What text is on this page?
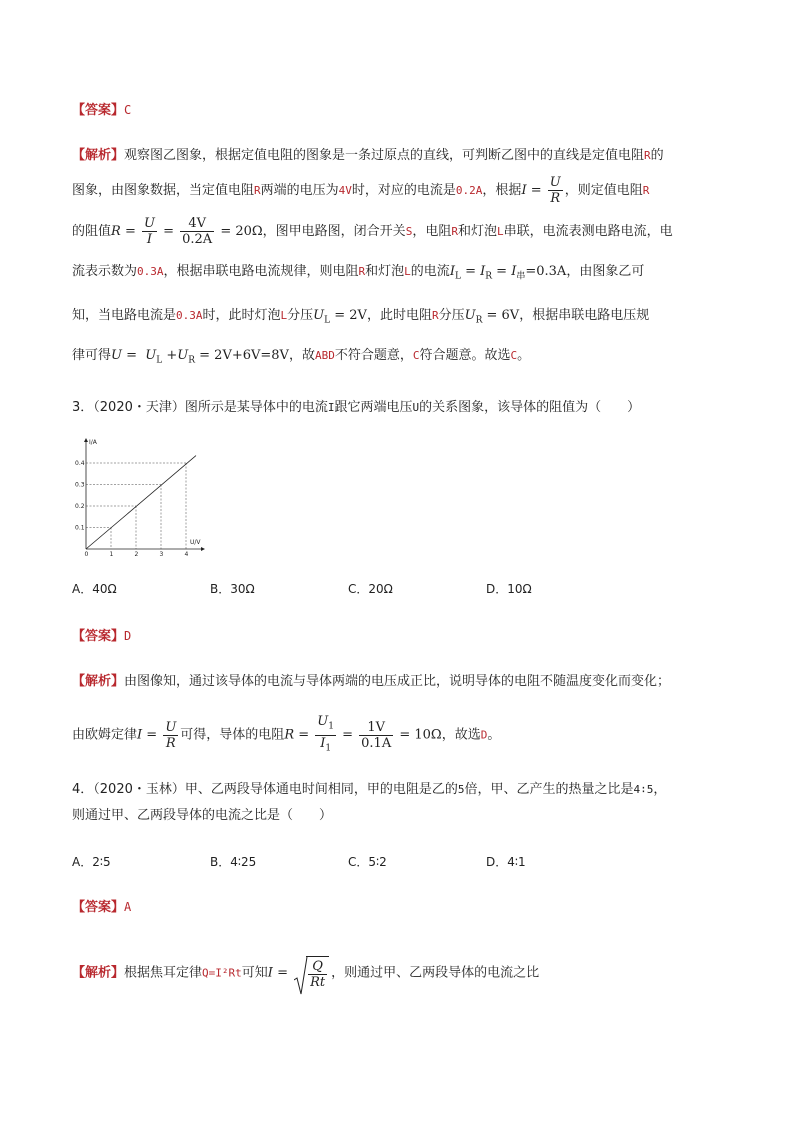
【答案】C
【解析】观察图乙图象，根据定值电阻的图象是一条过原点的直线，可判断乙图中的直线是定值电阻R的
图象，由图象数据，当定值电阻R两端的电压为4V时，对应的电流是0.2A，根据$I = \frac{U}{R}$ ，则定值电阻R
的阻值$R = \frac{U}{I} = \frac{4V}{0.2A} = 20\Omega$，图甲电路图，闭合开关S，电阻R和灯泡L串联，电流表测电路电流，电
流表示数为0.3A，根据串联电路电流规律，则电阻R和灯泡L的电流$I_L = I_R = I_串=0.3A$，由图象乙可
知，当电路电流是0.3A时，此时灯泡L分压$U_L = 2V$，此时电阻R分压$U_R = 6V$，根据串联电路电压规
律可得$U = U_L +U_R = 2V+6V=8V$，故ABD不符合题意，C符合题意。故选C。
3．（2020・天津）图所示是某导体中的电流I跟它两端电压U的关系图象，该导体的阻值为（　　）
0	1	2	3	4
0.1
0.2
0.3
0.4
U/V
I/A
A．40Ω	B．30Ω	C．20Ω	D．10Ω
【答案】D
【解析】由图像知，通过该导体的电流与导体两端的电压成正比，说明导体的电阻不随温度变化而变化；
由欧姆定律$I = \frac{U}{R}$ 可得，导体的电阻$R = \frac{U_1}{I_1} = \frac{1V}{0.1A} = 10\Omega$，故选D。
4．（2020・玉林）甲、乙两段导体通电时间相同，甲的电阻是乙的5倍，甲、乙产生的热量之比是4∶5，
则通过甲、乙两段导体的电流之比是（　　）
A．2∶5	B．4∶25	C．5∶2	D．4∶1
【答案】A
【解析】根据焦耳定律Q=I²Rt可知$I = \frac{Q}{Rt}$ ，则通过甲、乙两段导体的电流之比
